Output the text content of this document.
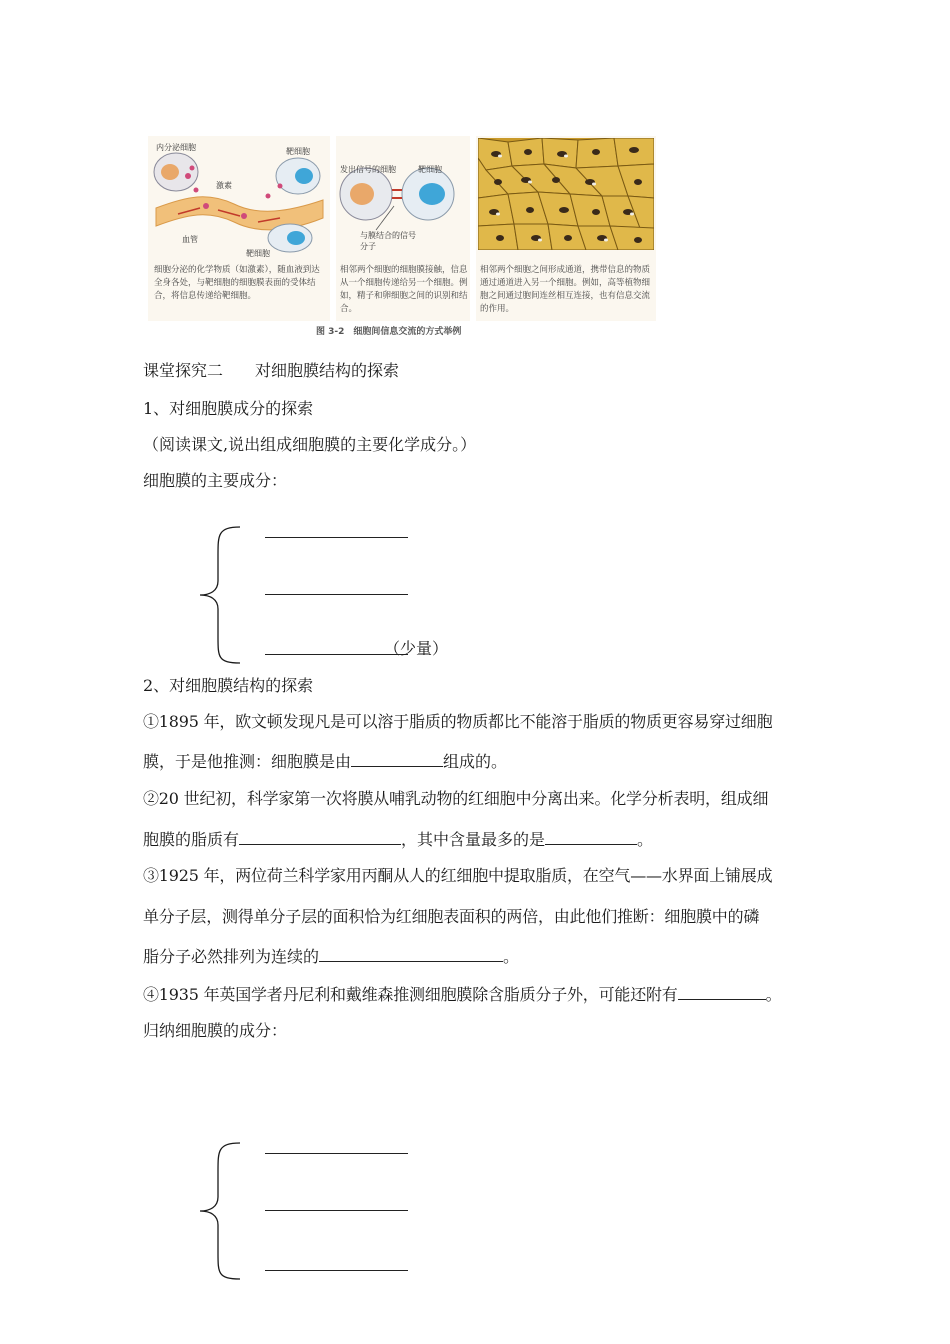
内分泌细胞
激素
靶细胞
血管
靶细胞
细胞分泌的化学物质（如激素），随血液到达全身各处，与靶细胞的细胞膜表面的受体结合，将信息传递给靶细胞。
发出信号的细胞	靶细胞
与膜结合的信号分子
相邻两个细胞的细胞膜接触，信息从一个细胞传递给另一个细胞。例如，精子和卵细胞之间的识别和结合。
相邻两个细胞之间形成通道，携带信息的物质通过通道进入另一个细胞。例如，高等植物细胞之间通过胞间连丝相互连接，也有信息交流的作用。
图 3-2　细胞间信息交流的方式举例
课堂探究二　　对细胞膜结构的探索
1、对细胞膜成分的探索
（阅读课文,说出组成细胞膜的主要化学成分。）
细胞膜的主要成分：
（少量）
2、对细胞膜结构的探索
①1895 年，欧文顿发现凡是可以溶于脂质的物质都比不能溶于脂质的物质更容易穿过细胞
膜，于是他推测：细胞膜是由	组成的。
②20 世纪初，科学家第一次将膜从哺乳动物的红细胞中分离出来。化学分析表明，组成细
胞膜的脂质有	，其中含量最多的是	。
③1925 年，两位荷兰科学家用丙酮从人的红细胞中提取脂质，在空气——水界面上铺展成
单分子层，测得单分子层的面积恰为红细胞表面积的两倍，由此他们推断：细胞膜中的磷
脂分子必然排列为连续的	。
④1935 年英国学者丹尼利和戴维森推测细胞膜除含脂质分子外，可能还附有	。
归纳细胞膜的成分：
